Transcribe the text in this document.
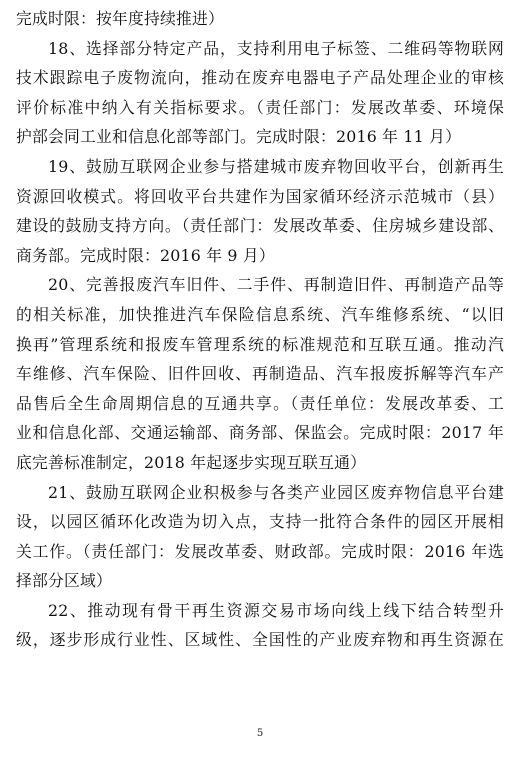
完成时限：按年度持续推进）
18、选择部分特定产品，支持利用电子标签、二维码等物联网
技术跟踪电子废物流向，推动在废弃电器电子产品处理企业的审核
评价标准中纳入有关指标要求。（责任部门：发展改革委、环境保
护部会同工业和信息化部等部门。完成时限：2016 年 11 月）
19、鼓励互联网企业参与搭建城市废弃物回收平台，创新再生
资源回收模式。将回收平台共建作为国家循环经济示范城市（县）
建设的鼓励支持方向。（责任部门：发展改革委、住房城乡建设部、
商务部。完成时限：2016 年 9 月）
20、完善报废汽车旧件、二手件、再制造旧件、再制造产品等
的相关标准，加快推进汽车保险信息系统、汽车维修系统、“以旧
换再”管理系统和报废车管理系统的标准规范和互联互通。推动汽
车维修、汽车保险、旧件回收、再制造品、汽车报废拆解等汽车产
品售后全生命周期信息的互通共享。（责任单位：发展改革委、工
业和信息化部、交通运输部、商务部、保监会。完成时限：2017 年
底完善标准制定，2018 年起逐步实现互联互通）
21、鼓励互联网企业积极参与各类产业园区废弃物信息平台建
设，以园区循环化改造为切入点，支持一批符合条件的园区开展相
关工作。（责任部门：发展改革委、财政部。完成时限：2016 年选
择部分区域）
22、推动现有骨干再生资源交易市场向线上线下结合转型升
级，逐步形成行业性、区域性、全国性的产业废弃物和再生资源在
5
